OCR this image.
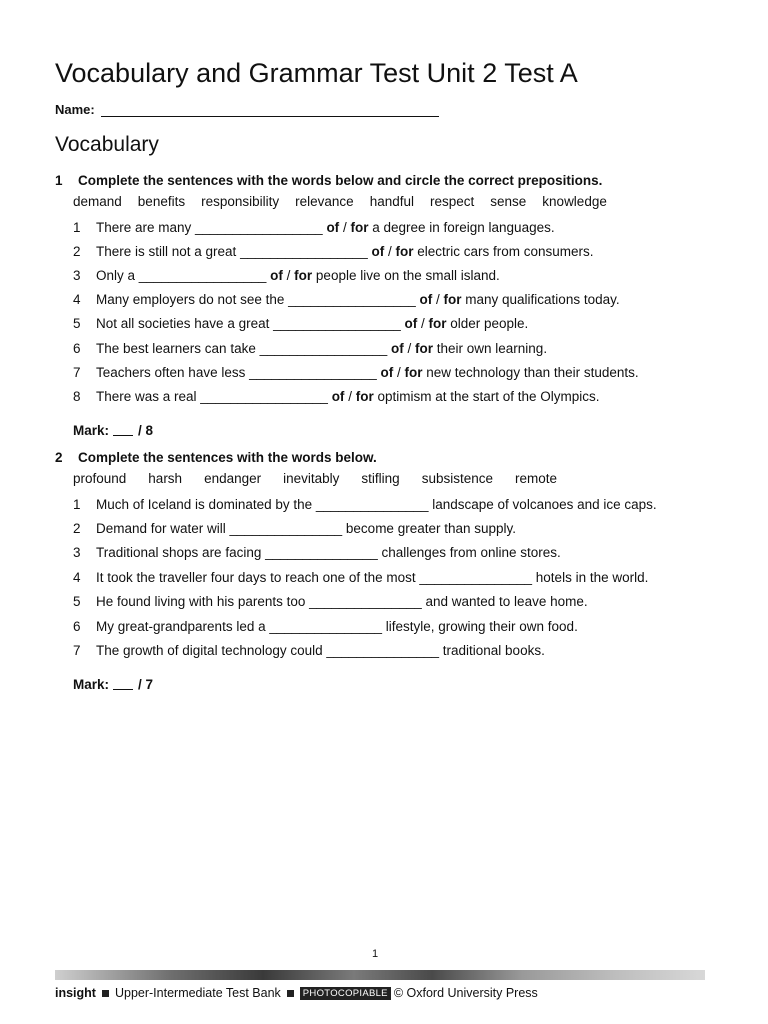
Vocabulary and Grammar Test Unit 2 Test A
Name:
Vocabulary
1 Complete the sentences with the words below and circle the correct prepositions.
demand benefits responsibility relevance handful respect sense knowledge
1	There are many _________________ of / for a degree in foreign languages.
2	There is still not a great _________________ of / for electric cars from consumers.
3	Only a _________________ of / for people live on the small island.
4	Many employers do not see the _________________ of / for many qualifications today.
5	Not all societies have a great _________________ of / for older people.
6	The best learners can take _________________ of / for their own learning.
7	Teachers often have less _________________ of / for new technology than their students.
8	There was a real _________________ of / for optimism at the start of the Olympics.
Mark: / 8
2 Complete the sentences with the words below.
profound harsh endanger inevitably stifling subsistence remote
1	Much of Iceland is dominated by the _______________ landscape of volcanoes and ice caps.
2	Demand for water will _______________ become greater than supply.
3	Traditional shops are facing _______________ challenges from online stores.
4	It took the traveller four days to reach one of the most _______________ hotels in the world.
5	He found living with his parents too _______________ and wanted to leave home.
6	My great-grandparents led a _______________ lifestyle, growing their own food.
7	The growth of digital technology could _______________ traditional books.
Mark: / 7
1
insight Upper-Intermediate Test Bank	PHOTOCOPIABLE © Oxford University Press
